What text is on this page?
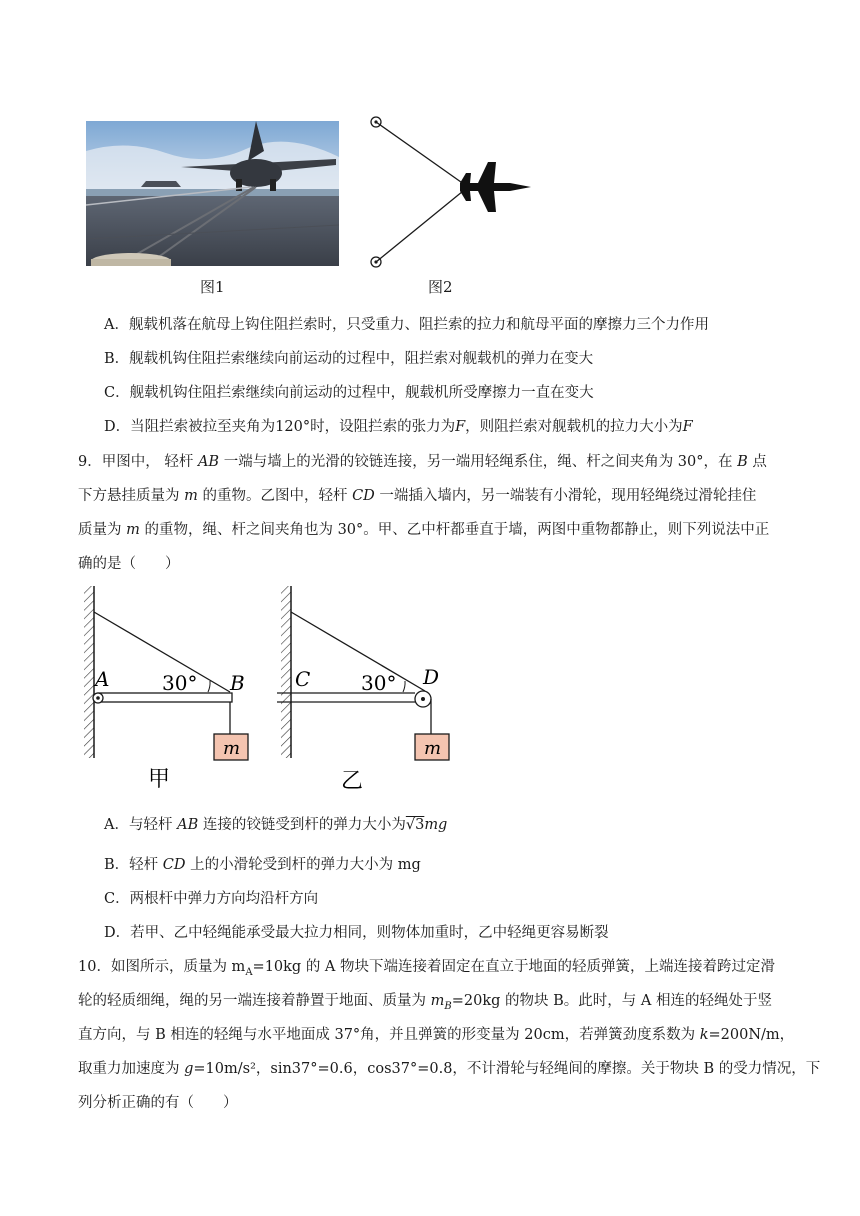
图1	图2
A．舰载机落在航母上钩住阻拦索时，只受重力、阻拦索的拉力和航母平面的摩擦力三个力作用
B．舰载机钩住阻拦索继续向前运动的过程中，阻拦索对舰载机的弹力在变大
C．舰载机钩住阻拦索继续向前运动的过程中，舰载机所受摩擦力一直在变大
D．当阻拦索被拉至夹角为120°时，设阻拦索的张力为F，则阻拦索对舰载机的拉力大小为F
9．甲图中， 轻杆 AB 一端与墙上的光滑的铰链连接，另一端用轻绳系住，绳、杆之间夹角为 30°，在 B 点
下方悬挂质量为 m 的重物。乙图中，轻杆 CD 一端插入墙内，另一端装有小滑轮，现用轻绳绕过滑轮挂住
质量为 m 的重物，绳、杆之间夹角也为 30°。甲、乙中杆都垂直于墙，两图中重物都静止，则下列说法中正
确的是（　　）
A	B
30°
m
甲
C	D
30°
m
乙
A．与轻杆 AB 连接的铰链受到杆的弹力大小为√3mg
B．轻杆 CD 上的小滑轮受到杆的弹力大小为 mg
C．两根杆中弹力方向均沿杆方向
D．若甲、乙中轻绳能承受最大拉力相同，则物体加重时，乙中轻绳更容易断裂
10．如图所示，质量为 $m_A=10kg$ 的 A 物块下端连接着固定在直立于地面的轻质弹簧，上端连接着跨过定滑
轮的轻质细绳，绳的另一端连接着静置于地面、质量为 $m_B=20kg$ 的物块 B。此时，与 A 相连的轻绳处于竖
直方向，与 B 相连的轻绳与水平地面成 37°角，并且弹簧的形变量为 20cm，若弹簧劲度系数为 k=200N/m，
取重力加速度为 g=10m/s²，sin37°=0.6，cos37°=0.8，不计滑轮与轻绳间的摩擦。关于物块 B 的受力情况，下
列分析正确的有（　　）
